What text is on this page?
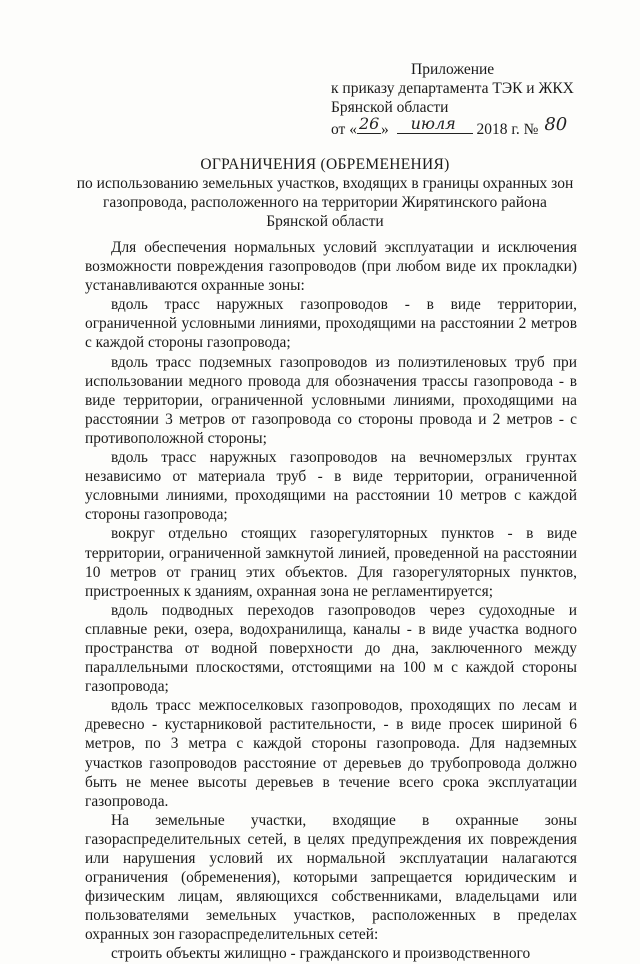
Приложение
к приказу департамента ТЭК и ЖКХ
Брянской области
от « 26 » июля 2018 г. № 80
ОГРАНИЧЕНИЯ (ОБРЕМЕНЕНИЯ)
по использованию земельных участков, входящих в границы охранных зон
газопровода, расположенного на территории Жирятинского района
Брянской области

Для обеспечения нормальных условий эксплуатации и исключения возможности повреждения газопроводов (при любом виде их прокладки) устанавливаются охранные зоны:

вдоль трасс наружных газопроводов - в виде территории, ограниченной условными линиями, проходящими на расстоянии 2 метров с каждой стороны газопровода;

вдоль трасс подземных газопроводов из полиэтиленовых труб при использовании медного провода для обозначения трассы газопровода - в виде территории, ограниченной условными линиями, проходящими на расстоянии 3 метров от газопровода со стороны провода и 2 метров - с противоположной стороны;

вдоль трасс наружных газопроводов на вечномерзлых грунтах независимо от материала труб - в виде территории, ограниченной условными линиями, проходящими на расстоянии 10 метров с каждой стороны газопровода;

вокруг отдельно стоящих газорегуляторных пунктов - в виде территории, ограниченной замкнутой линией, проведенной на расстоянии 10 метров от границ этих объектов. Для газорегуляторных пунктов, пристроенных к зданиям, охранная зона не регламентируется;

вдоль подводных переходов газопроводов через судоходные и сплавные реки, озера, водохранилища, каналы - в виде участка водного пространства от водной поверхности до дна, заключенного между параллельными плоскостями, отстоящими на 100 м с каждой стороны газопровода;

вдоль трасс межпоселковых газопроводов, проходящих по лесам и древесно - кустарниковой растительности, - в виде просек шириной 6 метров, по 3 метра с каждой стороны газопровода. Для надземных участков газопроводов расстояние от деревьев до трубопровода должно быть не менее высоты деревьев в течение всего срока эксплуатации газопровода.

На земельные участки, входящие в охранные зоны газораспределительных сетей, в целях предупреждения их повреждения или нарушения условий их нормальной эксплуатации налагаются ограничения (обременения), которыми запрещается юридическим и физическим лицам, являющихся собственниками, владельцами или пользователями земельных участков, расположенных в пределах охранных зон газораспределительных сетей:

строить объекты жилищно - гражданского и производственного
